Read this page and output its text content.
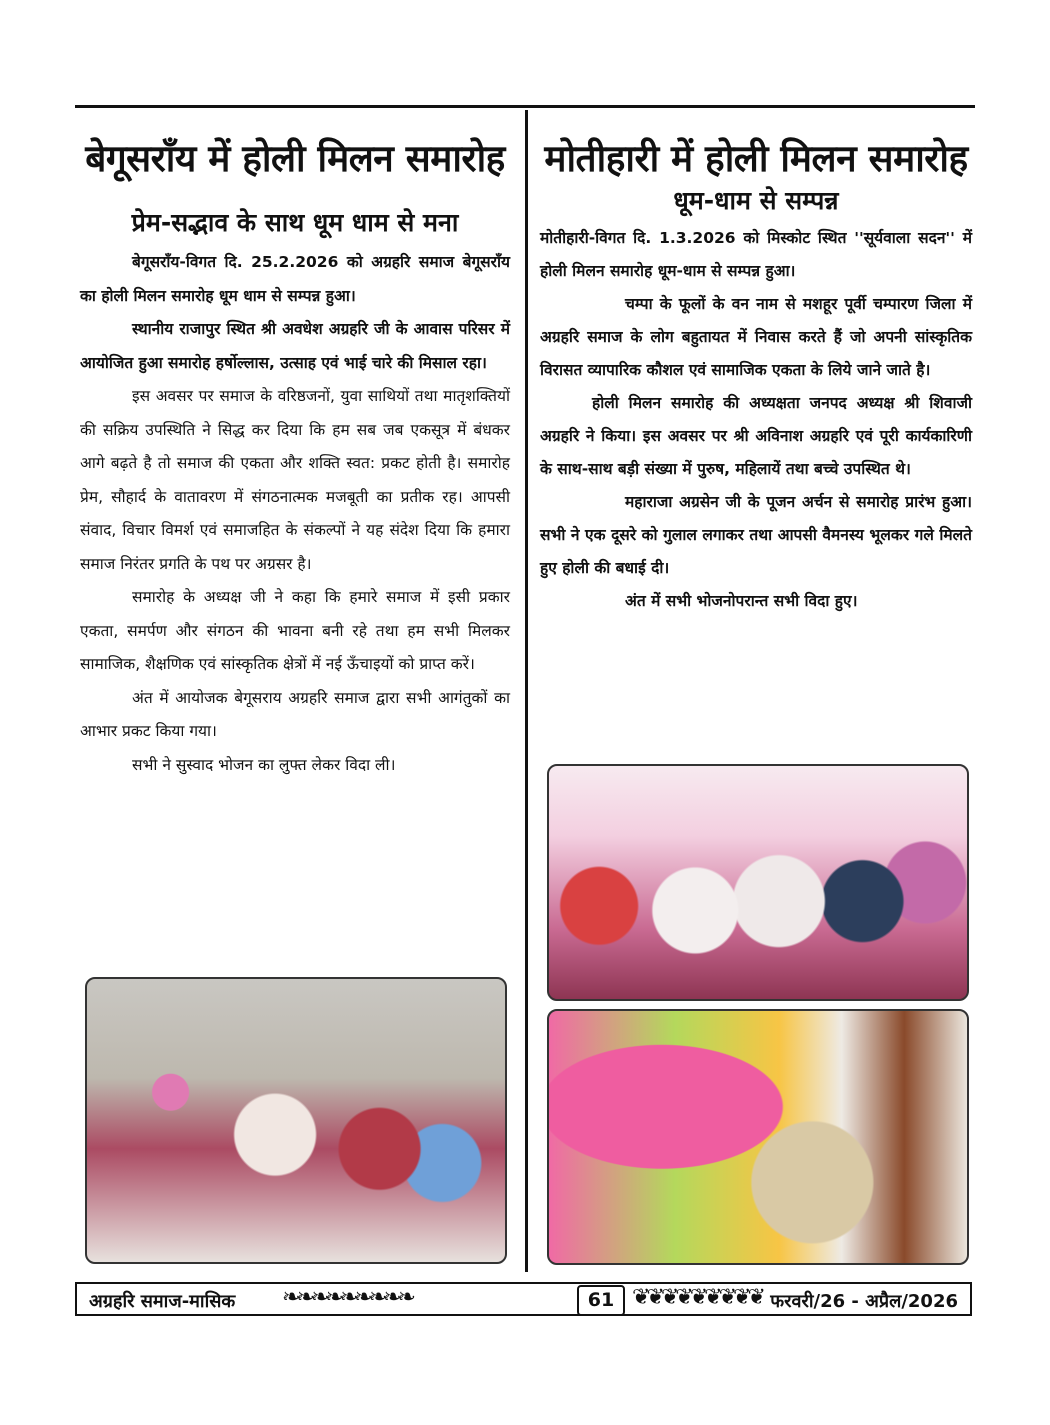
बेगूसराँय में होली मिलन समारोह
प्रेम-सद्भाव के साथ धूम धाम से मना

बेगूसराँय-विगत दि. 25.2.2026 को अग्रहरि समाज बेगूसराँय का होली मिलन समारोह धूम धाम से सम्पन्न हुआ।

स्थानीय राजापुर स्थित श्री अवधेश अग्रहरि जी के आवास परिसर में आयोजित हुआ समारोह हर्षोल्लास, उत्साह एवं भाई चारे की मिसाल रहा।

इस अवसर पर समाज के वरिष्ठजनों, युवा साथियों तथा मातृशक्तियों की सक्रिय उपस्थिति ने सिद्ध कर दिया कि हम सब जब एकसूत्र में बंधकर आगे बढ़ते है तो समाज की एकता और शक्ति स्वत: प्रकट होती है। समारोह प्रेम, सौहार्द के वातावरण में संगठनात्मक मजबूती का प्रतीक रह। आपसी संवाद, विचार विमर्श एवं समाजहित के संकल्पों ने यह संदेश दिया कि हमारा समाज निरंतर प्रगति के पथ पर अग्रसर है।

समारोह के अध्यक्ष जी ने कहा कि हमारे समाज में इसी प्रकार एकता, समर्पण और संगठन की भावना बनी रहे तथा हम सभी मिलकर सामाजिक, शैक्षणिक एवं सांस्कृतिक क्षेत्रों में नई ऊँचाइयों को प्राप्त करें।

अंत में आयोजक बेगूसराय अग्रहरि समाज द्वारा सभी आगंतुकों का आभार प्रकट किया गया।

सभी ने सुस्वाद भोजन का लुफ्त लेकर विदा ली।

मोतीहारी में होली मिलन समारोह
धूम-धाम से सम्पन्न

मोतीहारी-विगत दि. 1.3.2026 को मिस्कोट स्थित ''सूर्यवाला सदन'' में होली मिलन समारोह धूम-धाम से सम्पन्न हुआ।

चम्पा के फूलों के वन नाम से मशहूर पूर्वी चम्पारण जिला में अग्रहरि समाज के लोग बहुतायत में निवास करते हैं जो अपनी सांस्कृतिक विरासत व्यापारिक कौशल एवं सामाजिक एकता के लिये जाने जाते है।

होली मिलन समारोह की अध्यक्षता जनपद अध्यक्ष श्री शिवाजी अग्रहरि ने किया। इस अवसर पर श्री अविनाश अग्रहरि एवं पूरी कार्यकारिणी के साथ-साथ बड़ी संख्या में पुरुष, महिलायें तथा बच्चे उपस्थित थे।

महाराजा अग्रसेन जी के पूजन अर्चन से समारोह प्रारंभ हुआ। सभी ने एक दूसरे को गुलाल लगाकर तथा आपसी वैमनस्य भूलकर गले मिलते हुए होली की बधाई दी।

अंत में सभी भोजनोपरान्त सभी विदा हुए।

अग्रहरि समाज-मासिक ❧❧❧❧❧❧❧❧❧	61 ❦❦❦❦❦❦❦❦❦ फरवरी/26 - अप्रैल/2026
